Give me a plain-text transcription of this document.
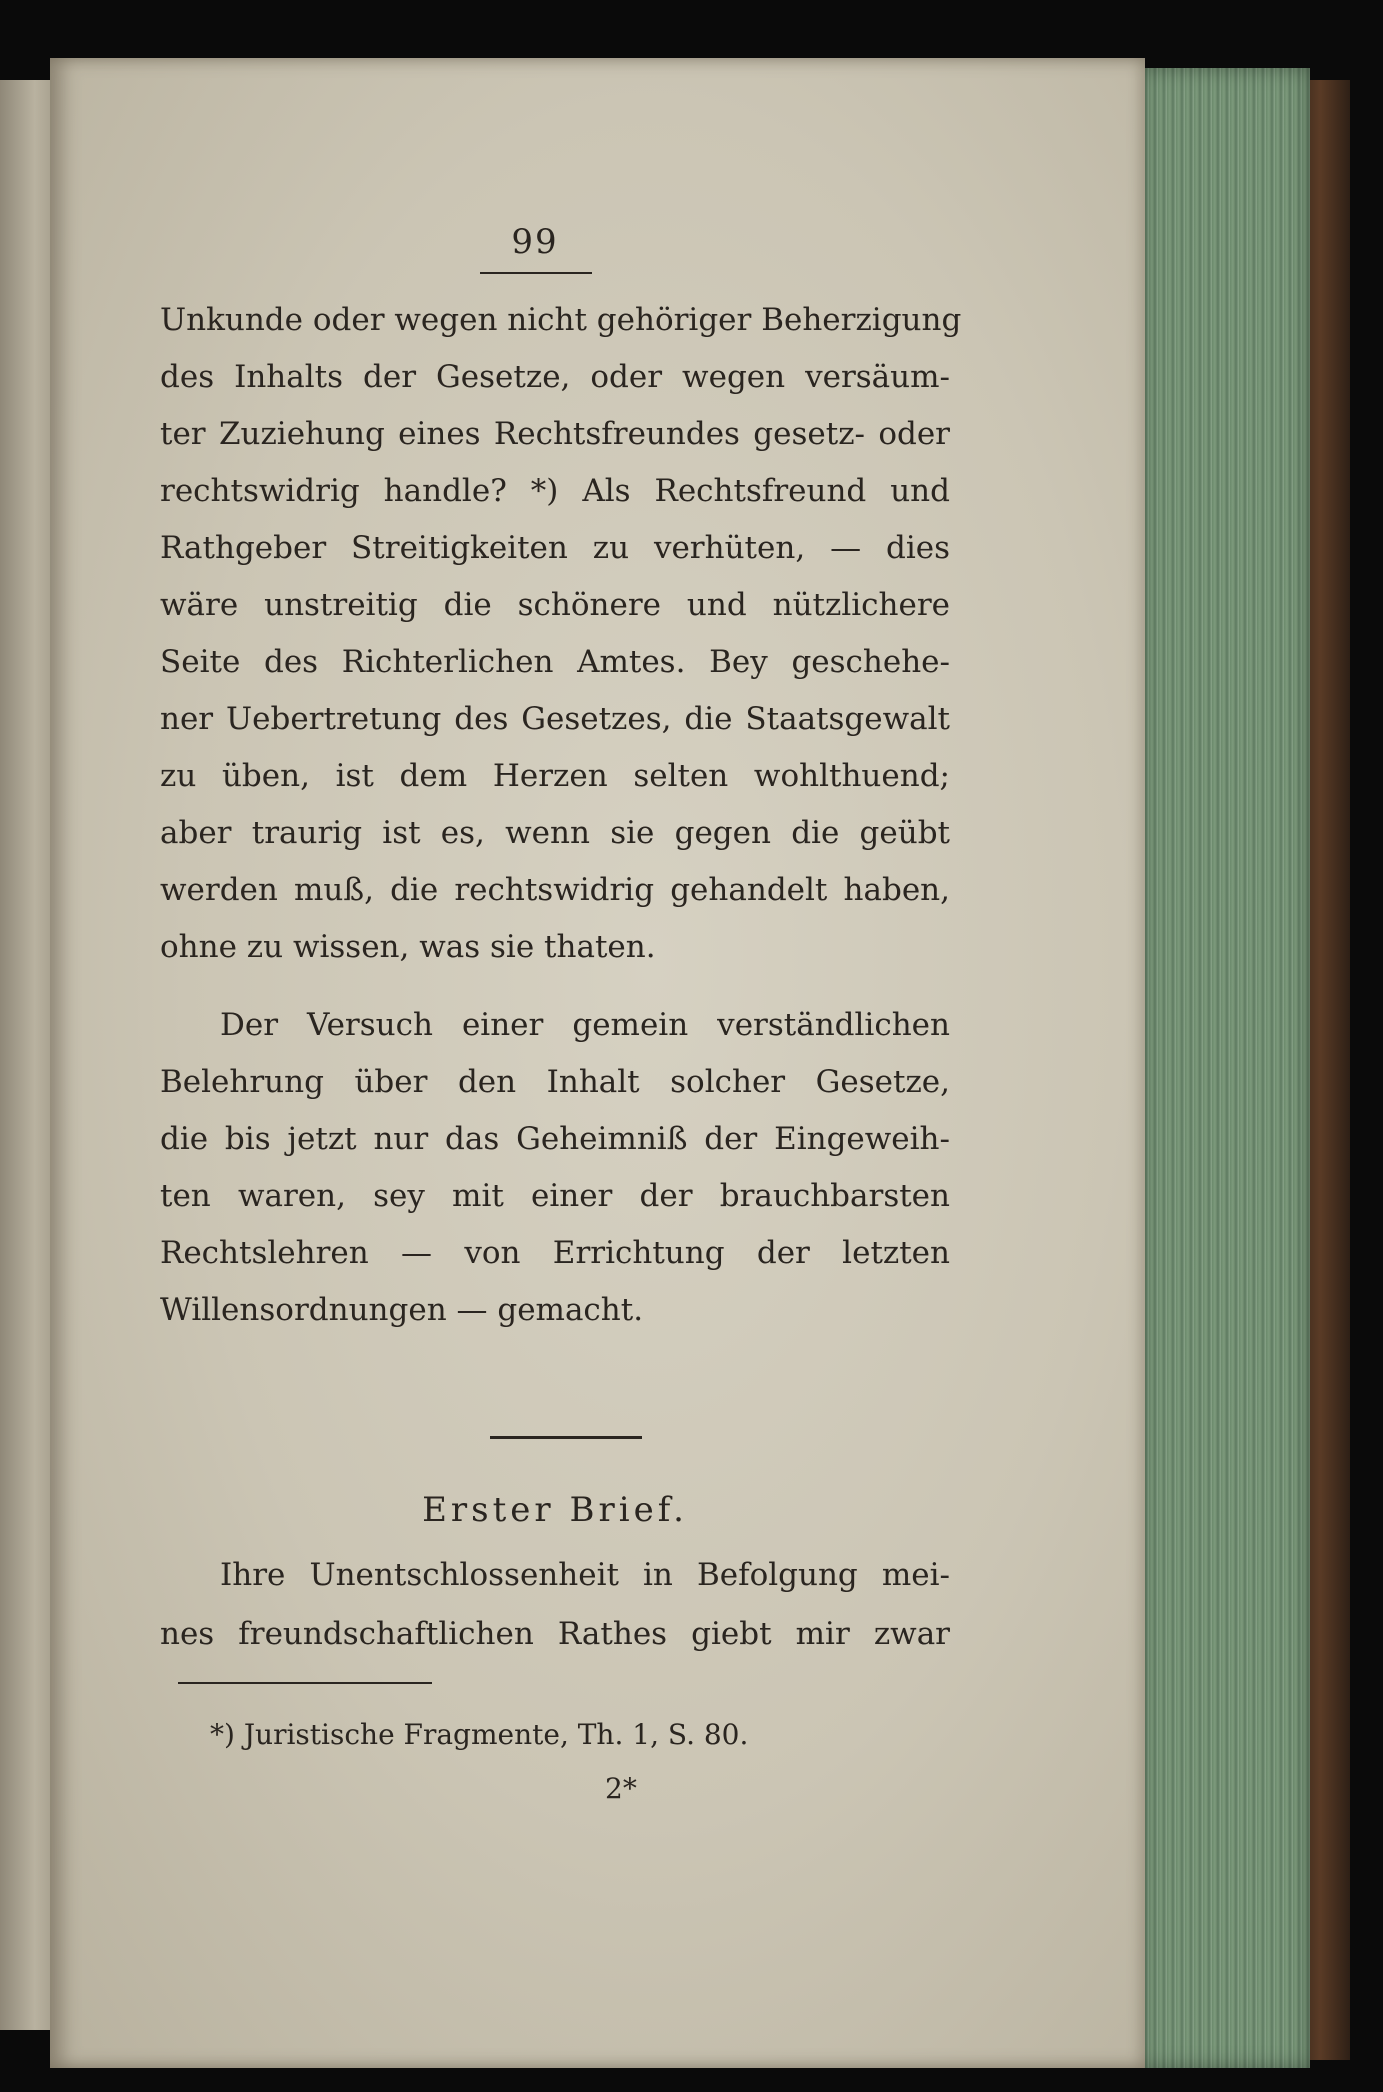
99
Unkunde oder wegen nicht gehöriger Beherzigung
des Inhalts der Gesetze, oder wegen versäum-
ter Zuziehung eines Rechtsfreundes gesetz- oder
rechtswidrig handle? *) Als Rechtsfreund und
Rathgeber Streitigkeiten zu verhüten, — dies
wäre unstreitig die schönere und nützlichere
Seite des Richterlichen Amtes. Bey geschehe-
ner Uebertretung des Gesetzes, die Staatsgewalt
zu üben, ist dem Herzen selten wohlthuend;
aber traurig ist es, wenn sie gegen die geübt
werden muß, die rechtswidrig gehandelt haben,
ohne zu wissen, was sie thaten.
Der Versuch einer gemein verständlichen
Belehrung über den Inhalt solcher Gesetze,
die bis jetzt nur das Geheimniß der Eingeweih-
ten waren, sey mit einer der brauchbarsten
Rechtslehren — von Errichtung der letzten
Willensordnungen — gemacht.
Erster Brief.
Ihre Unentschlossenheit in Befolgung mei-
nes freundschaftlichen Rathes giebt mir zwar
*) Juristische Fragmente, Th. 1, S. 80.
2*
